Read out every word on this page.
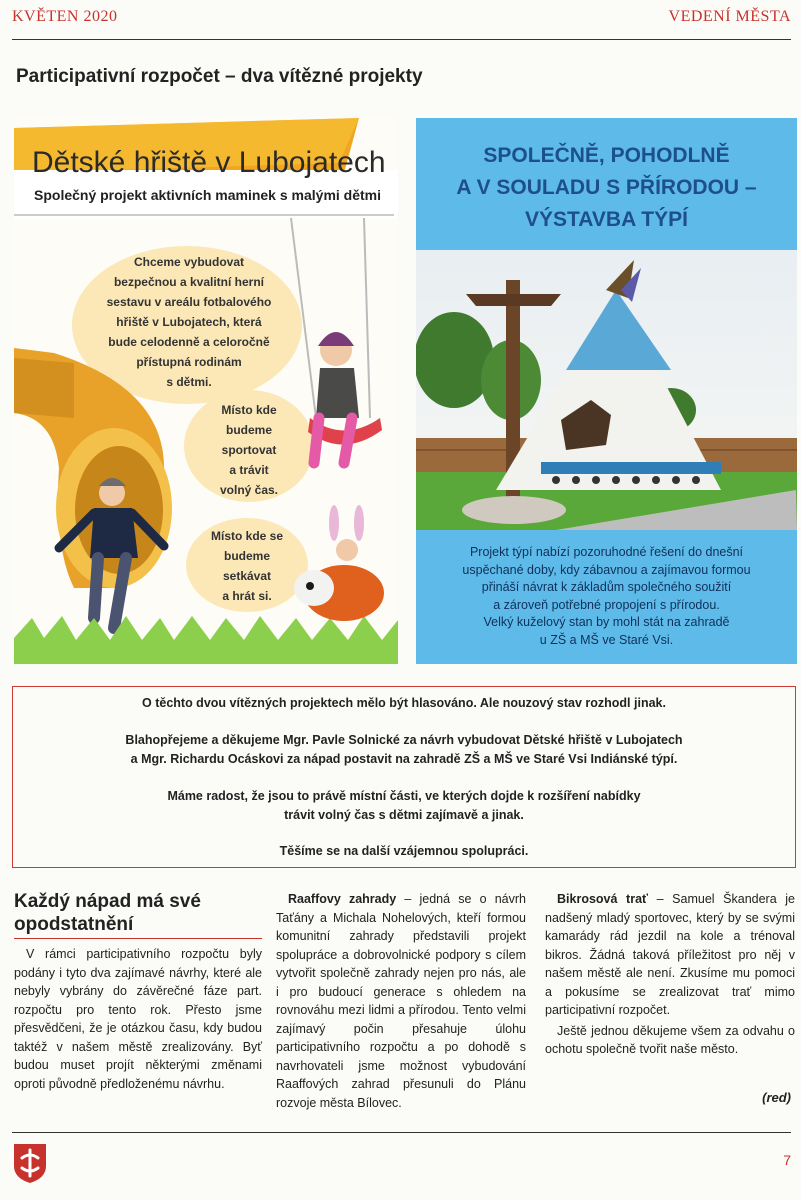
KVĚTEN 2020	VEDENÍ MĚSTA
Participativní rozpočet – dva vítězné projekty
Dětské hřiště v Lubojatech
Společný projekt aktivních maminek s malými dětmi
Chceme vybudovat
bezpečnou a kvalitní herní
sestavu v areálu fotbalového
hřiště v Lubojatech, která
bude celodenně a celoročně
přístupná rodinám
s dětmi.
Místo kde
budeme
sportovat
a trávit
volný čas.
Místo kde se
budeme
setkávat
a hrát si.
SPOLEČNĚ, POHODLNĚ
A V SOULADU S PŘÍRODOU –
VÝSTAVBA TÝPÍ
Projekt týpí nabízí pozoruhodné řešení do dnešní
uspěchané doby, kdy zábavnou a zajímavou formou
přináší návrat k základům společného soužití
a zároveň potřebné propojení s přírodou.
Velký kuželový stan by mohl stát na zahradě
u ZŠ a MŠ ve Staré Vsi.

O těchto dvou vítězných projektech mělo být hlasováno. Ale nouzový stav rozhodl jinak.

Blahopřejeme a děkujeme Mgr. Pavle Solnické za návrh vybudovat Dětské hřiště v Lubojatech
a Mgr. Richardu Ocáskovi za nápad postavit na zahradě ZŠ a MŠ ve Staré Vsi Indiánské týpí.

Máme radost, že jsou to právě místní části, ve kterých dojde k rozšíření nabídky
trávit volný čas s dětmi zajímavě a jinak.

Těšíme se na další vzájemnou spolupráci.

Každý nápad má své
opodstatnění
V rámci participativního rozpočtu byly podány i tyto dva zajímavé návrhy, které ale nebyly vybrány do závěrečné fáze part. rozpočtu pro tento rok. Přesto jsme přesvědčeni, že je otázkou času, kdy budou taktéž v našem městě zrealizovány. Byť budou muset projít některými změnami oproti původně předloženému návrhu.
Raaffovy zahrady – jedná se o návrh Taťány a Michala Nohelových, kteří formou komunitní zahrady představili projekt spolupráce a dobrovolnické podpory s cílem vytvořit společně zahrady nejen pro nás, ale i pro budoucí generace s ohledem na rovnováhu mezi lidmi a přírodou. Tento velmi zajímavý počin přesahuje úlohu participativního rozpočtu a po dohodě s navrhovateli jsme možnost vybudování Raaffových zahrad přesunuli do Plánu rozvoje města Bílovec.
Bikrosová trať – Samuel Škandera je nadšený mladý sportovec, který by se svými kamarády rád jezdil na kole a trénoval bikros. Žádná taková příležitost pro něj v našem městě ale není. Zkusíme mu pomoci a pokusíme se zrealizovat trať mimo participativní rozpočet.
Ještě jednou děkujeme všem za odvahu o ochotu společně tvořit naše město.
(red)
7
